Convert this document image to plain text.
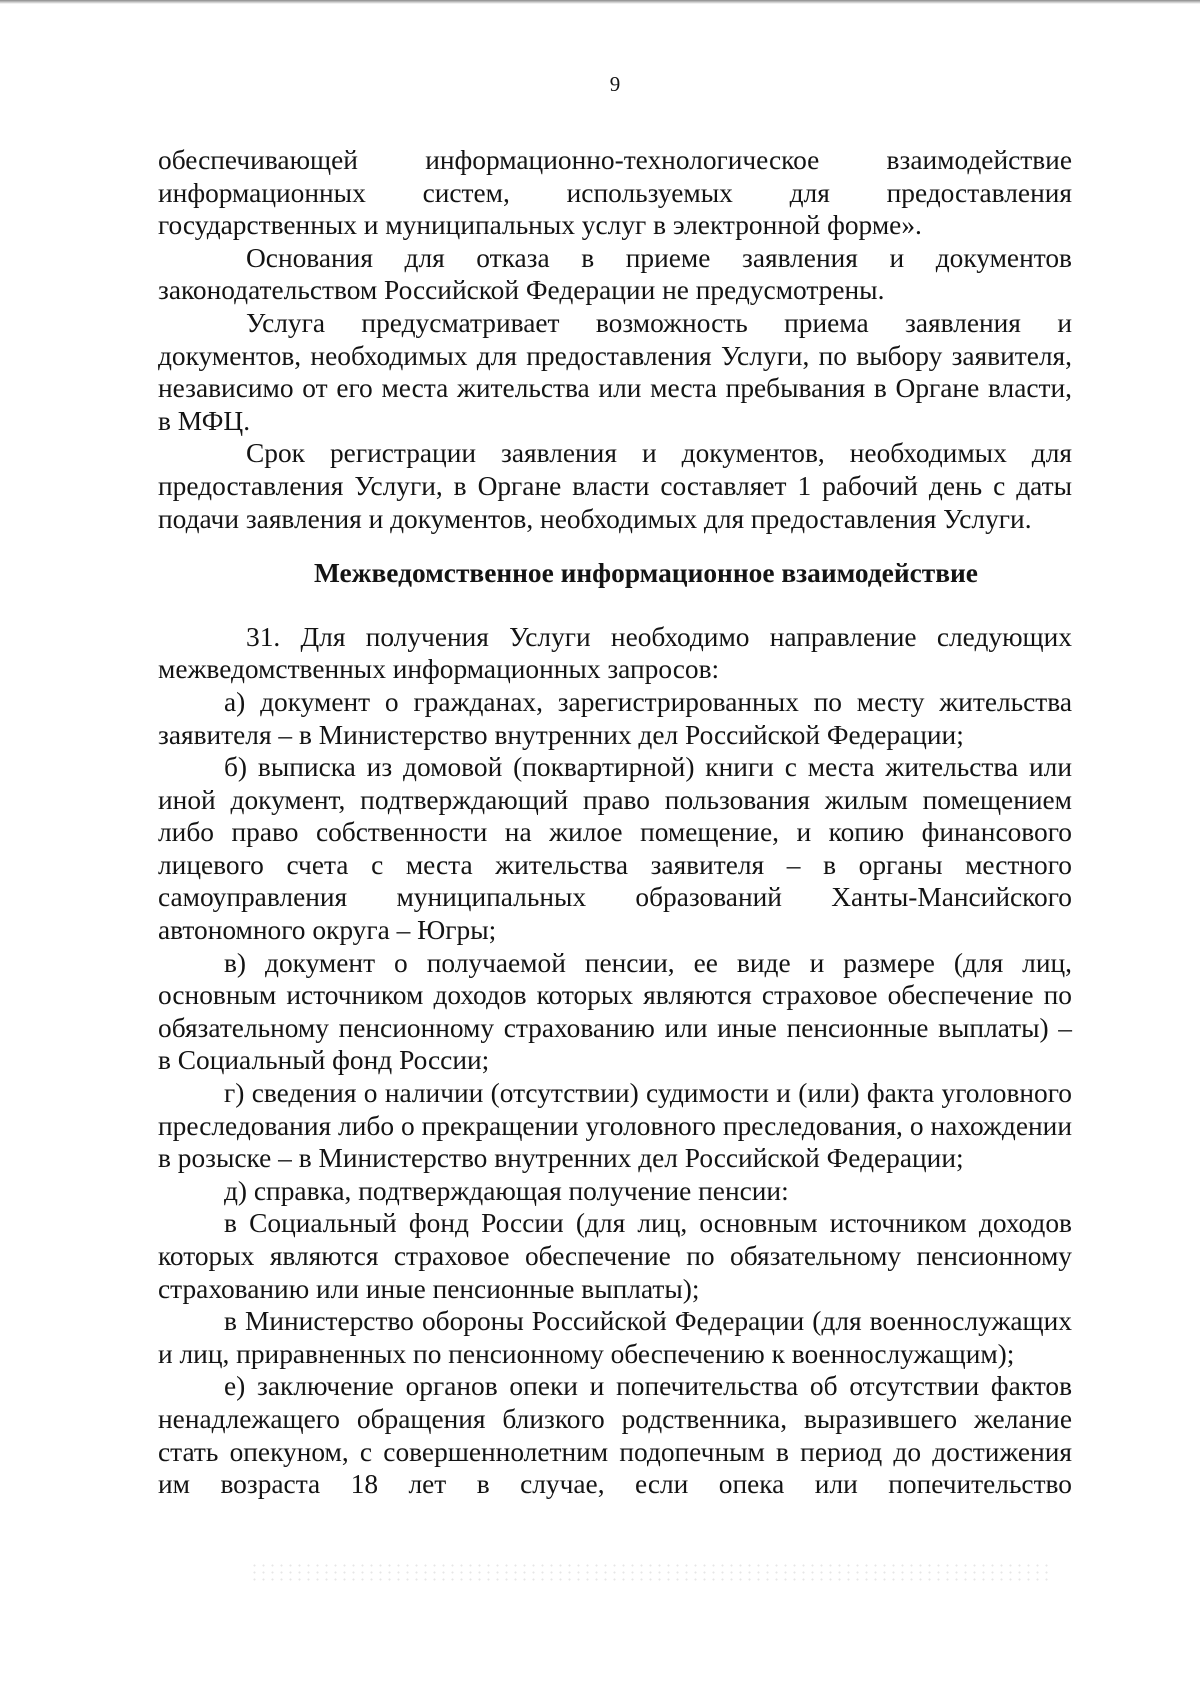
9

обеспечивающей информационно-технологическое взаимодействие информационных систем, используемых для предоставления государственных и муниципальных услуг в электронной форме».

Основания для отказа в приеме заявления и документов законодательством Российской Федерации не предусмотрены.

Услуга предусматривает возможность приема заявления и документов, необходимых для предоставления Услуги, по выбору заявителя, независимо от его места жительства или места пребывания в Органе власти, в МФЦ.

Срок регистрации заявления и документов, необходимых для предоставления Услуги, в Органе власти составляет 1 рабочий день с даты подачи заявления и документов, необходимых для предоставления Услуги.

Межведомственное информационное взаимодействие

31. Для получения Услуги необходимо направление следующих межведомственных информационных запросов:

а) документ о гражданах, зарегистрированных по месту жительства заявителя – в Министерство внутренних дел Российской Федерации;

б) выписка из домовой (поквартирной) книги с места жительства или иной документ, подтверждающий право пользования жилым помещением либо право собственности на жилое помещение, и копию финансового лицевого счета с места жительства заявителя – в органы местного самоуправления муниципальных образований Ханты-Мансийского автономного округа – Югры;

в) документ о получаемой пенсии, ее виде и размере (для лиц, основным источником доходов которых являются страховое обеспечение по обязательному пенсионному страхованию или иные пенсионные выплаты) – в Социальный фонд России;

г) сведения о наличии (отсутствии) судимости и (или) факта уголовного преследования либо о прекращении уголовного преследования, о нахождении в розыске – в Министерство внутренних дел Российской Федерации;

д) справка, подтверждающая получение пенсии:

в Социальный фонд России (для лиц, основным источником доходов которых являются страховое обеспечение по обязательному пенсионному страхованию или иные пенсионные выплаты);

в Министерство обороны Российской Федерации (для военнослужащих и лиц, приравненных по пенсионному обеспечению к военнослужащим);

е) заключение органов опеки и попечительства об отсутствии фактов ненадлежащего обращения близкого родственника, выразившего желание стать опекуном, с совершеннолетним подопечным в период до достижения им возраста 18 лет в случае, если опека или попечительство
